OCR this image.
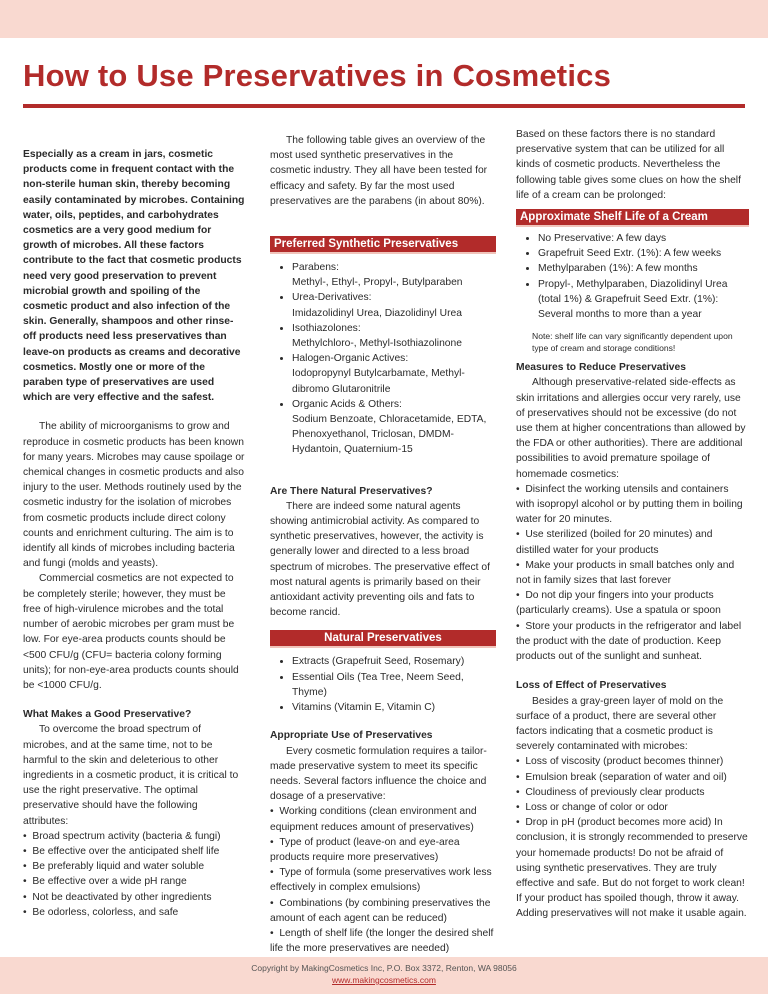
How to Use Preservatives in Cosmetics

Especially as a cream in jars, cosmetic products come in frequent contact with the non-sterile human skin, thereby becoming easily contaminated by microbes. Containing water, oils, peptides, and carbohydrates cosmetics are a very good medium for growth of microbes. All these factors contribute to the fact that cosmetic products need very good preservation to prevent microbial growth and spoiling of the cosmetic product and also infection of the skin. Generally, shampoos and other rinse-off products need less preservatives than leave-on products as creams and decorative cosmetics. Mostly one or more of the paraben type of preservatives are used which are very effective and the safest.

The ability of microorganisms to grow and reproduce in cosmetic products has been known for many years. Microbes may cause spoilage or chemical changes in cosmetic products and also injury to the user. Methods routinely used by the cosmetic industry for the isolation of microbes from cosmetic products include direct colony counts and enrichment culturing. The aim is to identify all kinds of microbes including bacteria and fungi (molds and yeasts).

Commercial cosmetics are not expected to be completely sterile; however, they must be free of high-virulence microbes and the total number of aerobic microbes per gram must be low. For eye-area products counts should be <500 CFU/g (CFU= bacteria colony forming units); for non-eye-area products counts should be <1000 CFU/g.

What Makes a Good Preservative?

To overcome the broad spectrum of microbes, and at the same time, not to be harmful to the skin and deleterious to other ingredients in a cosmetic product, it is critical to use the right preservative. The optimal preservative should have the following attributes:

•  Broad spectrum activity (bacteria & fungi)
•  Be effective over the anticipated shelf life
•  Be preferably liquid and water soluble
•  Be effective over a wide pH range
•  Not be deactivated by other ingredients
•  Be odorless, colorless, and safe

The following table gives an overview of the most used synthetic preservatives in the cosmetic industry. They all have been tested for efficacy and safety. By far the most used preservatives are the parabens (in about 80%).

Preferred Synthetic Preservatives

• Parabens:
Methyl-, Ethyl-, Propyl-, Butylparaben
• Urea-Derivatives:
Imidazolidinyl Urea, Diazolidinyl Urea
• Isothiazolones:
Methylchloro-, Methyl-Isothiazolinone
• Halogen-Organic Actives:
Iodopropynyl Butylcarbamate, Methyl-dibromo Glutaronitrile
• Organic Acids & Others:
Sodium Benzoate, Chloracetamide, EDTA, Phenoxyethanol, Triclosan, DMDM-Hydantoin, Quaternium-15

Are There Natural Preservatives?

There are indeed some natural agents showing antimicrobial activity. As compared to synthetic preservatives, however, the activity is generally lower and directed to a less broad spectrum of microbes. The preservative effect of most natural agents is primarily based on their antioxidant activity preventing oils and fats to become rancid.

Natural Preservatives

• Extracts (Grapefruit Seed, Rosemary)
• Essential Oils (Tea Tree, Neem Seed, Thyme)
• Vitamins (Vitamin E, Vitamin C)

Appropriate Use of Preservatives

Every cosmetic formulation requires a tailor-made preservative system to meet its specific needs. Several factors influence the choice and dosage of a preservative:

•  Working conditions (clean environment and equipment reduces amount of preservatives)
•  Type of product (leave-on and eye-area products require more preservatives)
•  Type of formula (some preservatives work less effectively in complex emulsions)
•  Combinations (by combining preservatives the amount of each agent can be reduced)
•  Length of shelf life (the longer the desired shelf life the more preservatives are needed)

Based on these factors there is no standard preservative system that can be utilized for all kinds of cosmetic products. Nevertheless the following table gives some clues on how the shelf life of a cream can be prolonged:

Approximate Shelf Life of a Cream

• No Preservative: A few days
• Grapefruit Seed Extr. (1%): A few weeks
• Methylparaben (1%): A few months
• Propyl-, Methylparaben, Diazolidinyl Urea (total 1%) & Grapefruit Seed Extr. (1%): Several months to more than a year

Note: shelf life can vary significantly dependent upon type of cream and storage conditions!

Measures to Reduce Preservatives

Although preservative-related side-effects as skin irritations and allergies occur very rarely, use of preservatives should not be excessive (do not use them at higher concentrations than allowed by the FDA or other authorities). There are additional possibilities to avoid premature spoilage of homemade cosmetics:

•  Disinfect the working utensils and containers with isopropyl alcohol or by putting them in boiling water for 20 minutes.
•  Use sterilized (boiled for 20 minutes) and distilled water for your products
•  Make your products in small batches only and not in family sizes that last forever
•  Do not dip your fingers into your products (particularly creams). Use a spatula or spoon
•  Store your products in the refrigerator and label the product with the date of production. Keep products out of the sunlight and sunheat.

Loss of Effect of Preservatives

Besides a gray-green layer of mold on the surface of a product, there are several other factors indicating that a cosmetic product is severely contaminated with microbes:

•  Loss of viscosity (product becomes thinner)
•  Emulsion break (separation of water and oil)
•  Cloudiness of previously clear products
•  Loss or change of color or odor
•  Drop in pH (product becomes more acid) In conclusion, it is strongly recommended to preserve your homemade products! Do not be afraid of using synthetic preservatives. They are truly effective and safe. But do not forget to work clean! If your product has spoiled though, throw it away. Adding preservatives will not make it usable again.
Copyright by MakingCosmetics Inc, P.O. Box 3372, Renton, WA 98056
www.makingcosmetics.com
